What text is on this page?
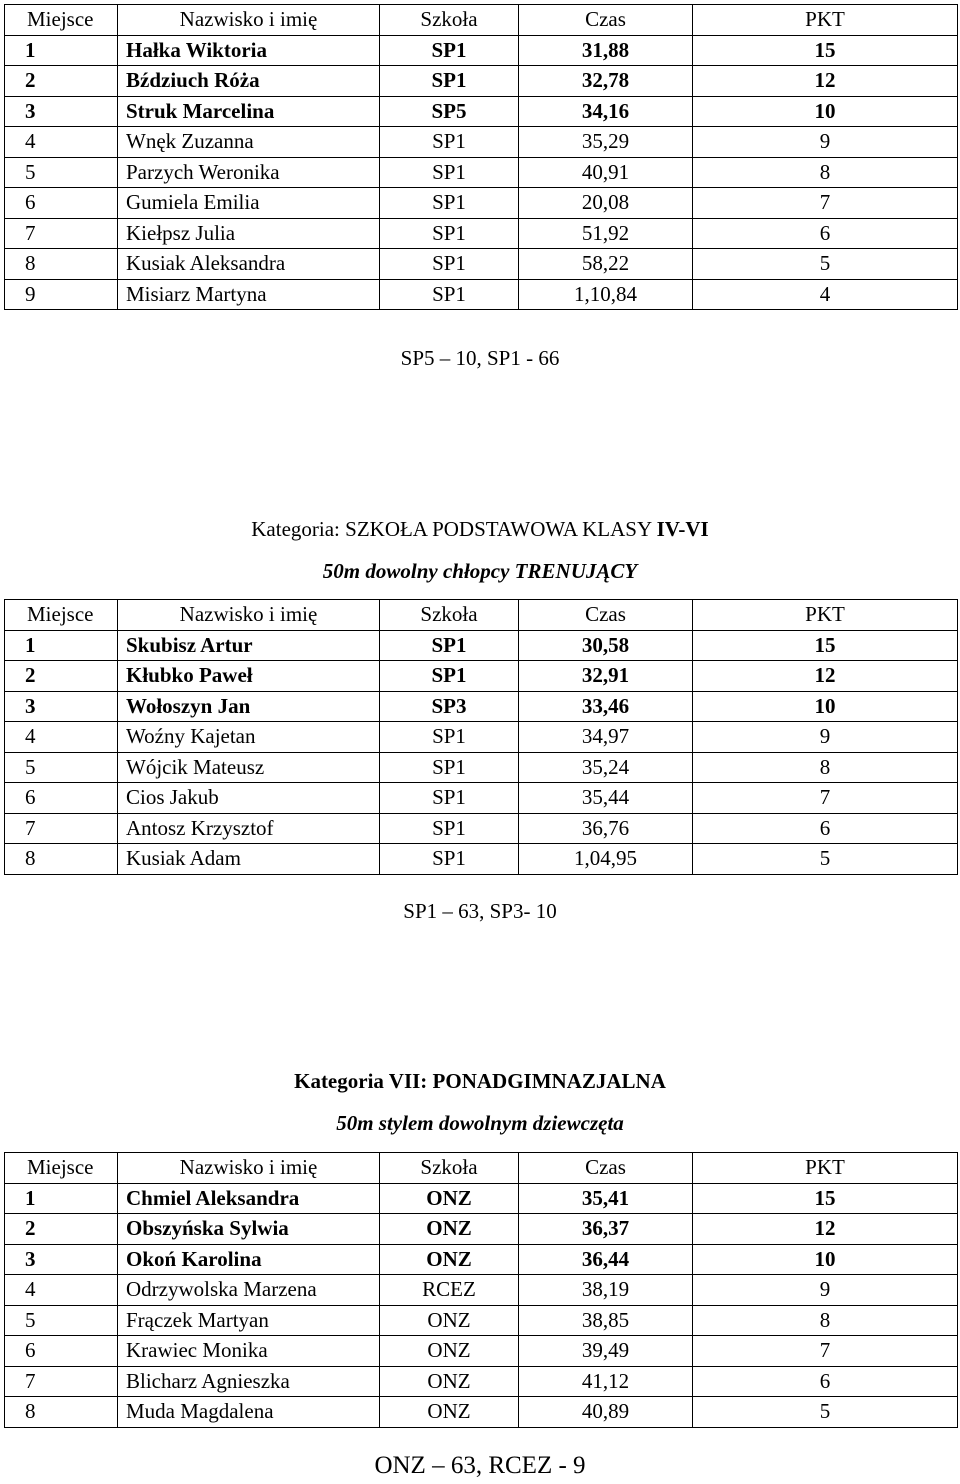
Miejsce	Nazwisko i imię	Szkoła	Czas	PKT
1	Hałka Wiktoria	SP1	31,88	15
2	Bździuch Róża	SP1	32,78	12
3	Struk Marcelina	SP5	34,16	10
4	Wnęk Zuzanna	SP1	35,29	9
5	Parzych Weronika	SP1	40,91	8
6	Gumiela Emilia	SP1	20,08	7
7	Kiełpsz Julia	SP1	51,92	6
8	Kusiak Aleksandra	SP1	58,22	5
9	Misiarz Martyna	SP1	1,10,84	4
SP5 – 10, SP1 - 66
Kategoria: SZKOŁA PODSTAWOWA KLASY IV-VI
50m dowolny chłopcy TRENUJĄCY
Miejsce	Nazwisko i imię	Szkoła	Czas	PKT
1	Skubisz Artur	SP1	30,58	15
2	Kłubko Paweł	SP1	32,91	12
3	Wołoszyn Jan	SP3	33,46	10
4	Woźny Kajetan	SP1	34,97	9
5	Wójcik Mateusz	SP1	35,24	8
6	Cios Jakub	SP1	35,44	7
7	Antosz Krzysztof	SP1	36,76	6
8	Kusiak Adam	SP1	1,04,95	5
SP1 – 63, SP3- 10
Kategoria VII: PONADGIMNAZJALNA
50m stylem dowolnym dziewczęta
Miejsce	Nazwisko i imię	Szkoła	Czas	PKT
1	Chmiel Aleksandra	ONZ	35,41	15
2	Obszyńska Sylwia	ONZ	36,37	12
3	Okoń Karolina	ONZ	36,44	10
4	Odrzywolska Marzena	RCEZ	38,19	9
5	Frączek Martyan	ONZ	38,85	8
6	Krawiec Monika	ONZ	39,49	7
7	Blicharz Agnieszka	ONZ	41,12	6
8	Muda Magdalena	ONZ	40,89	5
ONZ – 63, RCEZ - 9
